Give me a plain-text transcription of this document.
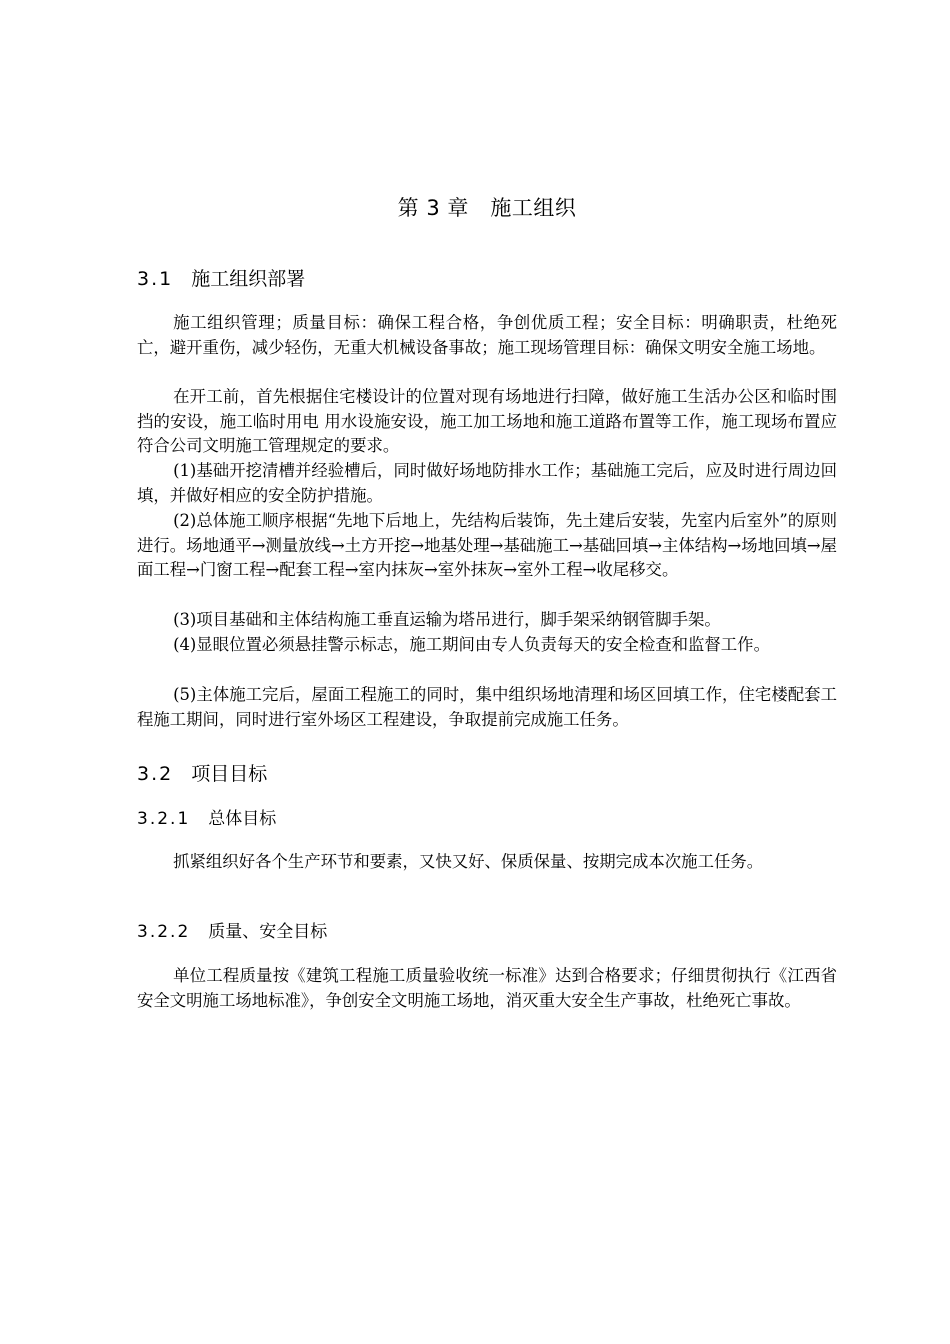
第 3 章　施工组织
3.1 施工组织部署

施工组织管理；质量目标：确保工程合格，争创优质工程；安全目标：明确职责，杜绝死亡，避开重伤，减少轻伤，无重大机械设备事故；施工现场管理目标：确保文明安全施工场地。

在开工前，首先根据住宅楼设计的位置对现有场地进行扫障，做好施工生活办公区和临时围挡的安设，施工临时用电 用水设施安设，施工加工场地和施工道路布置等工作，施工现场布置应符合公司文明施工管理规定的要求。

(1)基础开挖清槽并经验槽后，同时做好场地防排水工作；基础施工完后，应及时进行周边回填，并做好相应的安全防护措施。

(2)总体施工顺序根据“先地下后地上，先结构后装饰，先土建后安装，先室内后室外”的原则进行。场地通平→测量放线→土方开挖→地基处理→基础施工→基础回填→主体结构→场地回填→屋面工程→门窗工程→配套工程→室内抹灰→室外抹灰→室外工程→收尾移交。

(3)项目基础和主体结构施工垂直运输为塔吊进行，脚手架采纳钢管脚手架。

(4)显眼位置必须悬挂警示标志，施工期间由专人负责每天的安全检查和监督工作。

(5)主体施工完后，屋面工程施工的同时，集中组织场地清理和场区回填工作，住宅楼配套工程施工期间，同时进行室外场区工程建设，争取提前完成施工任务。

3.2 项目目标
3.2.1 总体目标

抓紧组织好各个生产环节和要素，又快又好、保质保量、按期完成本次施工任务。

3.2.2 质量、安全目标

单位工程质量按《建筑工程施工质量验收统一标准》达到合格要求；仔细贯彻执行《江西省安全文明施工场地标准》，争创安全文明施工场地，消灭重大安全生产事故，杜绝死亡事故。
